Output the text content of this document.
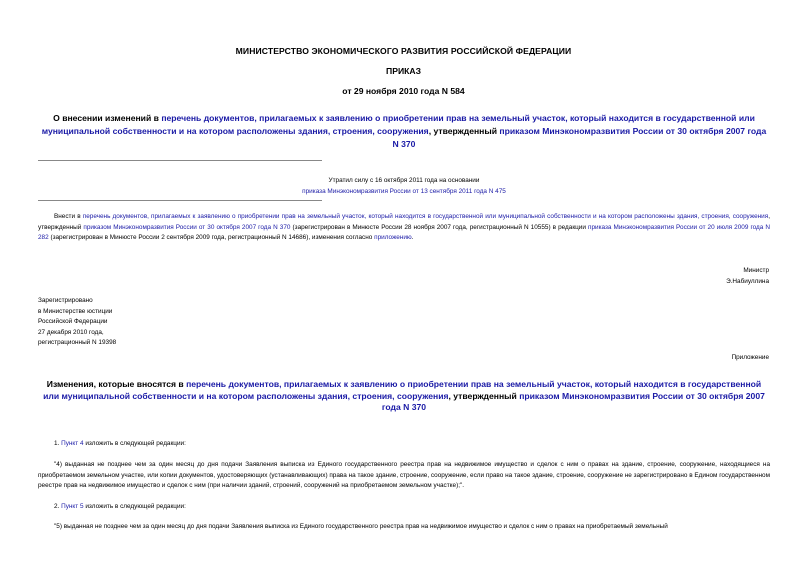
МИНИСТЕРСТВО ЭКОНОМИЧЕСКОГО РАЗВИТИЯ РОССИЙСКОЙ ФЕДЕРАЦИИ
ПРИКАЗ
от 29 ноября 2010 года N 584
О внесении изменений в перечень документов, прилагаемых к заявлению о приобретении прав на земельный участок, который находится в государственной или муниципальной собственности и на котором расположены здания, строения, сооружения, утвержденный приказом Минэкономразвития России от 30 октября 2007 года N 370
Утратил силу с 16 октября 2011 года на основании
приказа Минэкономразвития России от 13 сентября 2011 года N 475
Внести в перечень документов, прилагаемых к заявлению о приобретении прав на земельный участок, который находится в государственной или муниципальной собственности и на котором расположены здания, строения, сооружения, утвержденный приказом Минэкономразвития России от 30 октября 2007 года N 370 (зарегистрирован в Минюсте России 28 ноября 2007 года, регистрационный N 10555) в редакции приказа Минэкономразвития России от 20 июля 2009 года N 282 (зарегистрирован в Минюсте России 2 сентября 2009 года, регистрационный N 14686), изменения согласно приложению.
Министр
Э.Набиуллина
Зарегистрировано
в Министерстве юстиции
Российской Федерации
27 декабря 2010 года,
регистрационный N 19398
Приложение
Изменения, которые вносятся в перечень документов, прилагаемых к заявлению о приобретении прав на земельный участок, который находится в государственной или муниципальной собственности и на котором расположены здания, строения, сооружения, утвержденный приказом Минэкономразвития России от 30 октября 2007 года N 370
1. Пункт 4 изложить в следующей редакции:
"4) выданная не позднее чем за один месяц до дня подачи Заявления выписка из Единого государственного реестра прав на недвижимое имущество и сделок с ним о правах на здание, строение, сооружение, находящиеся на приобретаемом земельном участке, или копии документов, удостоверяющих (устанавливающих) права на такое здание, строение, сооружение, если право на такое здание, строение, сооружение не зарегистрировано в Едином государственном реестре прав на недвижимое имущество и сделок с ним (при наличии зданий, строений, сооружений на приобретаемом земельном участке);".
2. Пункт 5 изложить в следующей редакции:
"5) выданная не позднее чем за один месяц до дня подачи Заявления выписка из Единого государственного реестра прав на недвижимое имущество и сделок с ним о правах на приобретаемый земельный
